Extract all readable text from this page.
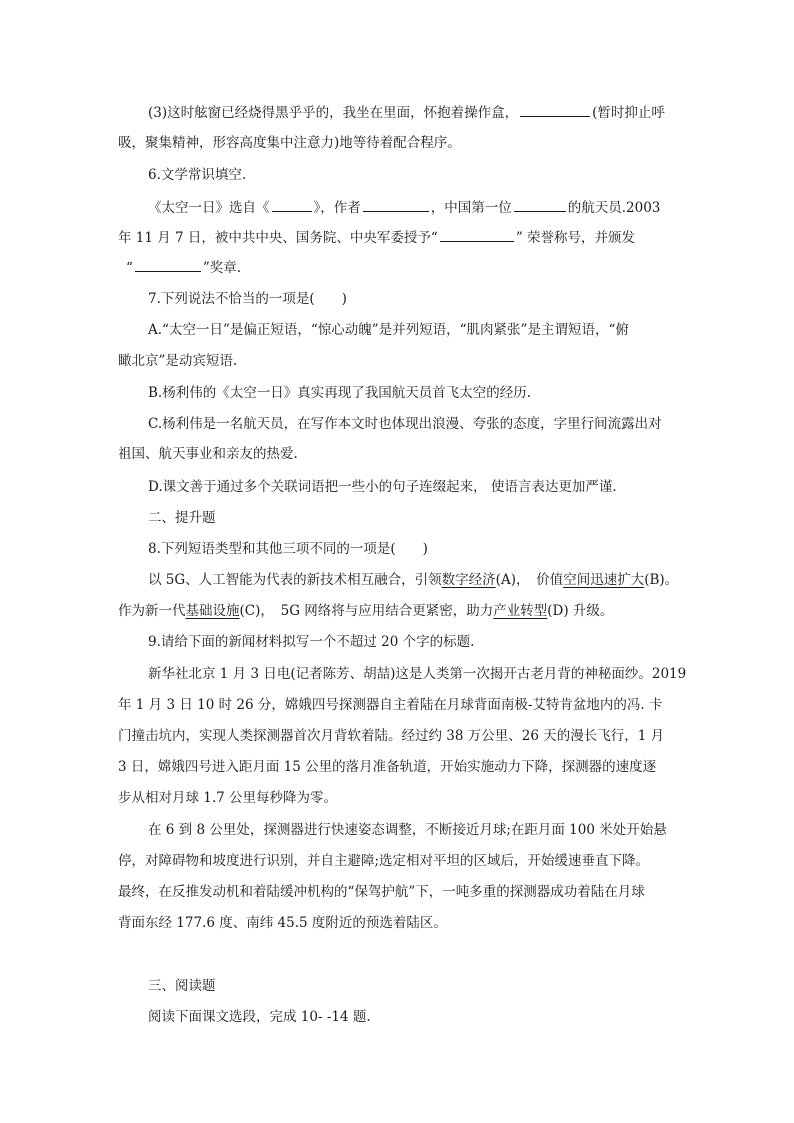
(3)这时舷窗已经烧得黑乎乎的，我坐在里面，怀抱着操作盒，	(暂时抑止呼
吸，聚集精神，形容高度集中注意力)地等待着配合程序。
6.文学常识填空.
《太空一日》选自《	》，作者	，中国第一位	的航天员.2003
年 11 月 7 日，被中共中央、国务院、中央军委授予“	” 荣誉称号，并颁发
“	”奖章.
7.下列说法不恰当的一项是(　　)
A.“太空一日”是偏正短语，“惊心动魄”是并列短语，“肌肉紧张”是主谓短语，“俯
瞰北京”是动宾短语.
B.杨利伟的《太空一日》真实再现了我国航天员首飞太空的经历.
C.杨利伟是一名航天员，在写作本文时也体现出浪漫、夸张的态度，字里行间流露出对
祖国、航天事业和亲友的热爱.
D.课文善于通过多个关联词语把一些小的句子连缀起来， 使语言表达更加严谨.
二、提升题
8.下列短语类型和其他三项不同的一项是(　　)
以 5G、人工智能为代表的新技术相互融合，引领数字经济(A)，　价值空间迅速扩大(B)。
作为新一代基础设施(C)，　5G 网络将与应用结合更紧密，助力产业转型(D) 升级。
9.请给下面的新闻材料拟写一个不超过 20 个字的标题.
新华社北京 1 月 3 日电(记者陈芳、胡喆)这是人类第一次揭开古老月背的神秘面纱。2019
年 1 月 3 日 10 时 26 分，嫦娥四号探测器自主着陆在月球背面南极-艾特肯盆地内的冯. 卡
门撞击坑内，实现人类探测器首次月背软着陆。经过约 38 万公里、26 天的漫长飞行，1 月
3 日，嫦娥四号进入距月面 15 公里的落月准备轨道，开始实施动力下降，探测器的速度逐
步从相对月球 1.7 公里每秒降为零。
在 6 到 8 公里处，探测器进行快速姿态调整，不断接近月球;在距月面 100 米处开始悬
停，对障碍物和坡度进行识别，并自主避障;选定相对平坦的区域后，开始缓速垂直下降。
最终，在反推发动机和着陆缓冲机构的“保驾护航”下，一吨多重的探测器成功着陆在月球
背面东经 177.6 度、南纬 45.5 度附近的预选着陆区。
三、阅读题
阅读下面课文选段，完成 10- -14 题.
